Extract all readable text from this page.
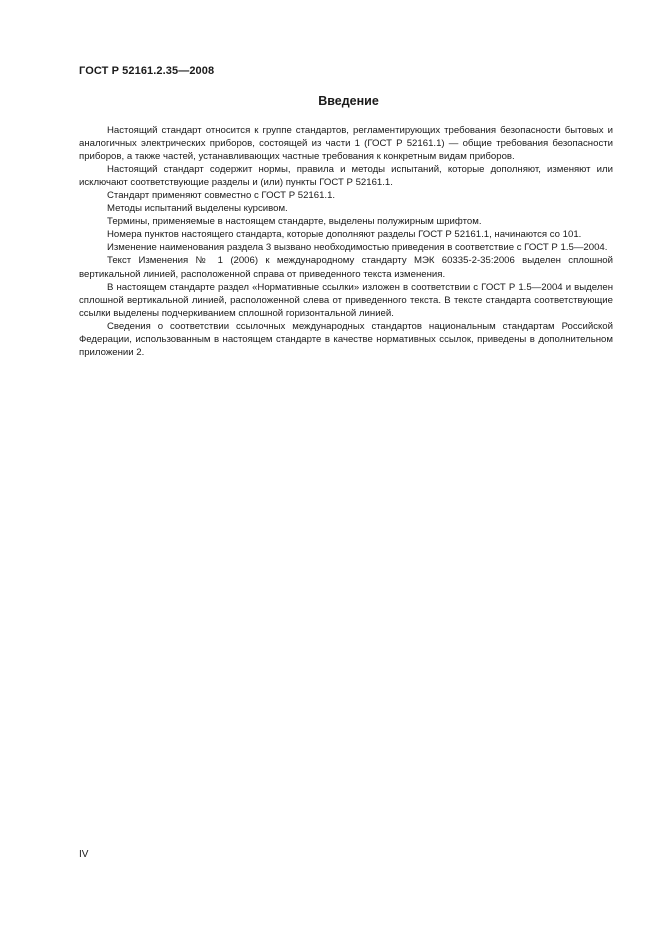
ГОСТ Р 52161.2.35—2008
Введение

Настоящий стандарт относится к группе стандартов, регламентирующих требования безопасности бытовых и аналогичных электрических приборов, состоящей из части 1 (ГОСТ Р 52161.1) — общие требования безопасности приборов, а также частей, устанавливающих частные требования к конкретным видам приборов.

Настоящий стандарт содержит нормы, правила и методы испытаний, которые дополняют, изменяют или исключают соответствующие разделы и (или) пункты ГОСТ Р 52161.1.

Стандарт применяют совместно с ГОСТ Р 52161.1.

Методы испытаний выделены курсивом.

Термины, применяемые в настоящем стандарте, выделены полужирным шрифтом.

Номера пунктов настоящего стандарта, которые дополняют разделы ГОСТ Р 52161.1, начинаются со 101.

Изменение наименования раздела 3 вызвано необходимостью приведения в соответствие с ГОСТ Р 1.5—2004.

Текст Изменения № 1 (2006) к международному стандарту МЭК 60335-2-35:2006 выделен сплошной вертикальной линией, расположенной справа от приведенного текста изменения.

В настоящем стандарте раздел «Нормативные ссылки» изложен в соответствии с ГОСТ Р 1.5—2004 и выделен сплошной вертикальной линией, расположенной слева от приведенного текста. В тексте стандарта соответствующие ссылки выделены подчеркиванием сплошной горизонтальной линией.

Сведения о соответствии ссылочных международных стандартов национальным стандартам Российской Федерации, использованным в настоящем стандарте в качестве нормативных ссылок, приведены в дополнительном приложении 2.

IV
